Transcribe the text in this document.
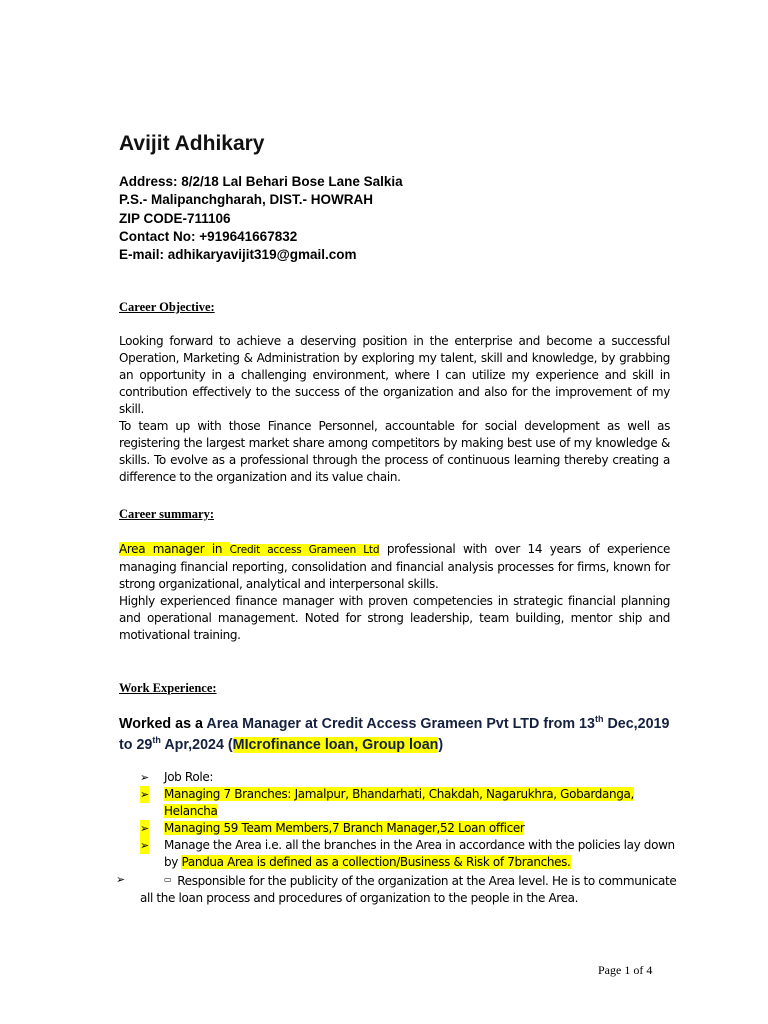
Avijit Adhikary
Address: 8/2/18 Lal Behari Bose Lane Salkia
P.S.- Malipanchgharah, DIST.- HOWRAH
ZIP CODE-711106
Contact No: +919641667832
E-mail: adhikaryavijit319@gmail.com
Career Objective:

Looking forward to achieve a deserving position in the enterprise and become a successful Operation, Marketing & Administration by exploring my talent, skill and knowledge, by grabbing an opportunity in a challenging environment, where I can utilize my experience and skill in contribution effectively to the success of the organization and also for the improvement of my skill.

To team up with those Finance Personnel, accountable for social development as well as registering the largest market share among competitors by making best use of my knowledge & skills. To evolve as a professional through the process of continuous learning thereby creating a difference to the organization and its value chain.

Career summary:

Area manager in Credit access Grameen Ltd professional with over 14 years of experience managing financial reporting, consolidation and financial analysis processes for firms, known for strong organizational, analytical and interpersonal skills.

Highly experienced finance manager with proven competencies in strategic financial planning and operational management. Noted for strong leadership, team building, mentor ship and motivational training.

Work Experience:

Worked as a Area Manager at Credit Access Grameen Pvt LTD from 13th Dec,2019 to 29th Apr,2024 (MIcrofinance loan, Group loan)

➢ Job Role:
➢ Managing 7 Branches: Jamalpur, Bhandarhati, Chakdah, Nagarukhra, Gobardanga, Helancha
➢ Managing 59 Team Members,7 Branch Manager,52 Loan officer
➢ Manage the Area i.e. all the branches in the Area in accordance with the policies lay down by Pandua Area is defined as a collection/Business & Risk of 7branches.
➢	▭ Responsible for the publicity of the organization at the Area level. He is to communicate all the loan process and procedures of organization to the people in the Area.
Page 1 of 4
